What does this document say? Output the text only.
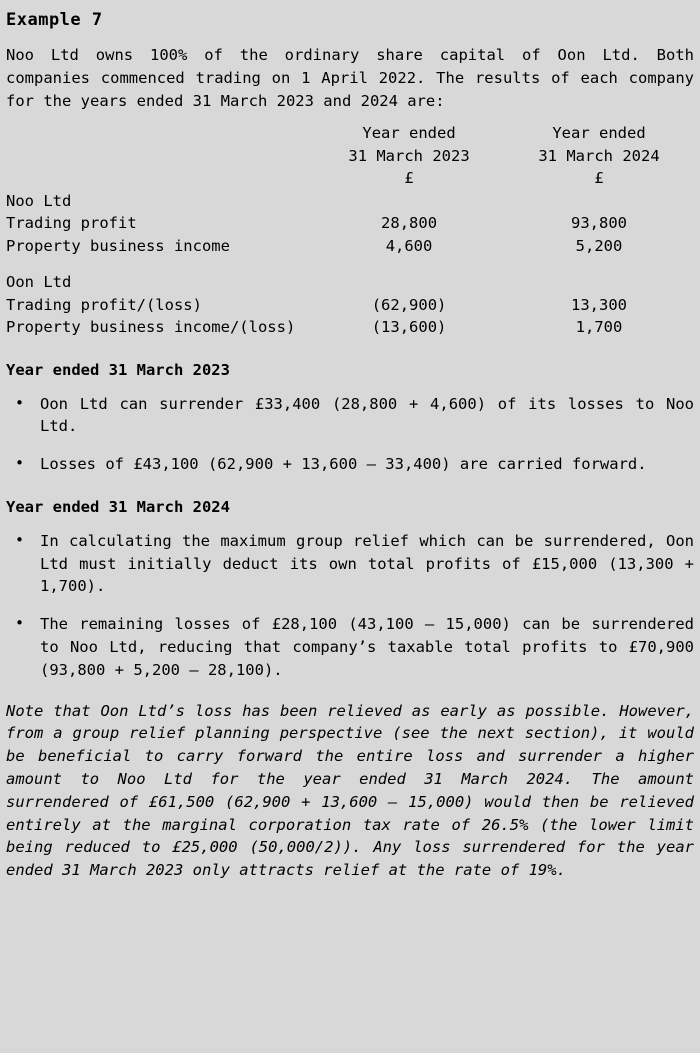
Example 7

Noo Ltd owns 100% of the ordinary share capital of Oon Ltd. Both companies commenced trading on 1 April 2022. The results of each company for the years ended 31 March 2023 and 2024 are:

	Year ended	Year ended
	31 March 2023	31 March 2024
	£	£
Noo Ltd		
Trading profit	28,800	93,800
Property business income	4,600	5,200

Oon Ltd		
Trading profit/(loss)	(62,900)	13,300
Property business income/(loss)	(13,600)	1,700
Year ended 31 March 2023
• Oon Ltd can surrender £33,400 (28,800 + 4,600) of its losses to Noo Ltd.
• Losses of £43,100 (62,900 + 13,600 – 33,400) are carried forward.
Year ended 31 March 2024
• In calculating the maximum group relief which can be surrendered, Oon Ltd must initially deduct its own total profits of £15,000 (13,300 + 1,700).
• The remaining losses of £28,100 (43,100 – 15,000) can be surrendered to Noo Ltd, reducing that company’s taxable total profits to £70,900 (93,800 + 5,200 – 28,100).

Note that Oon Ltd’s loss has been relieved as early as possible. However, from a group relief planning perspective (see the next section), it would be beneficial to carry forward the entire loss and surrender a higher amount to Noo Ltd for the year ended 31 March 2024. The amount surrendered of £61,500 (62,900 + 13,600 – 15,000) would then be relieved entirely at the marginal corporation tax rate of 26.5% (the lower limit being reduced to £25,000 (50,000/2)). Any loss surrendered for the year ended 31 March 2023 only attracts relief at the rate of 19%.
